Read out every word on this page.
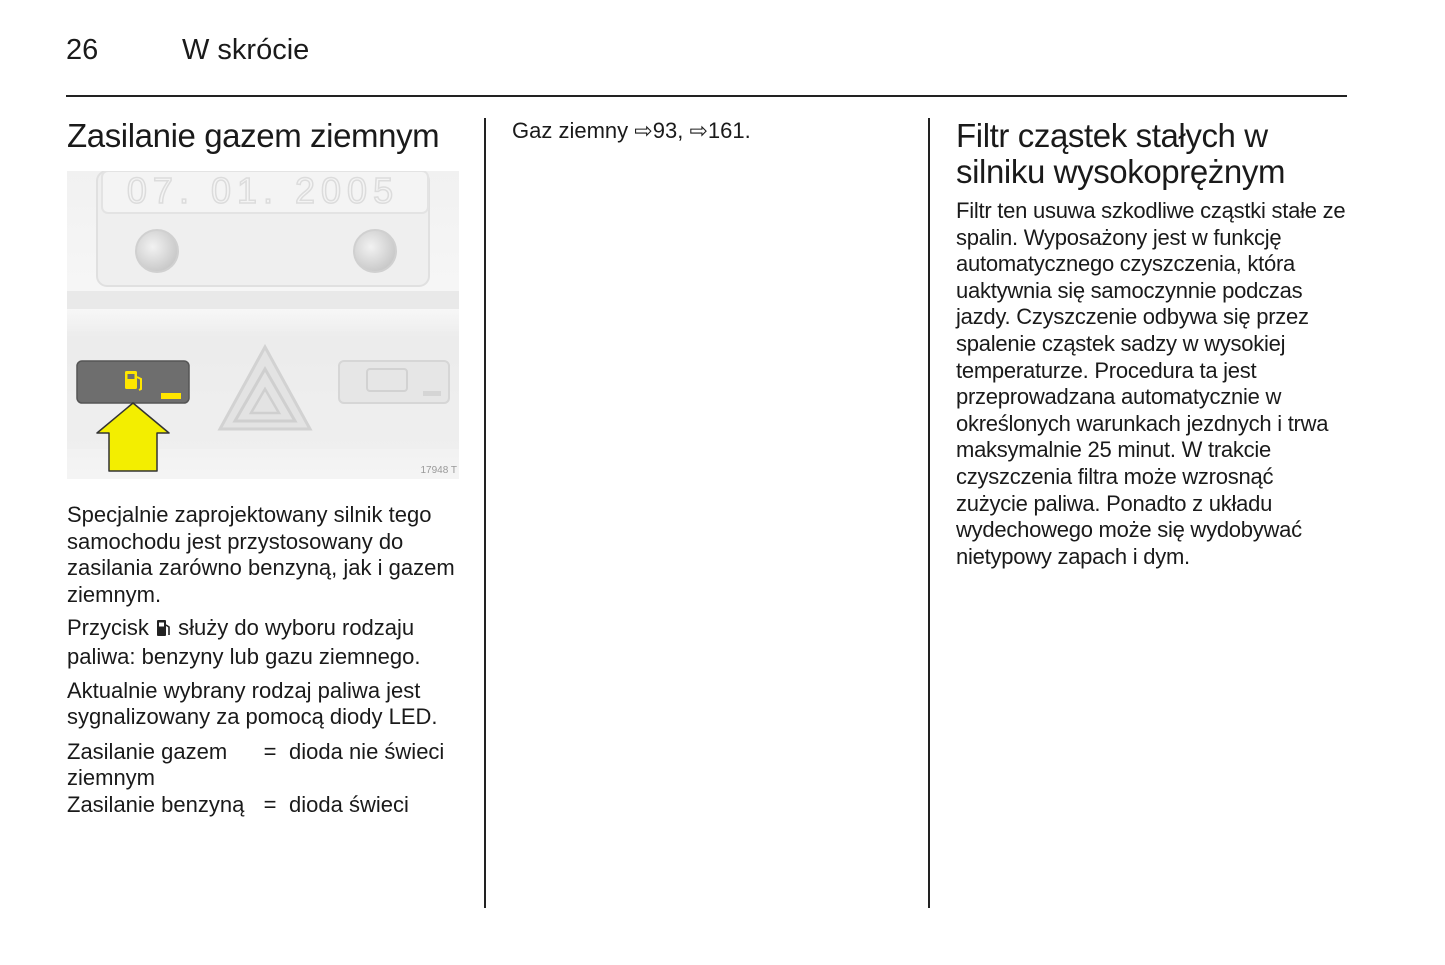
26	W skrócie
Zasilanie gazem ziemnym
07. 01. 2005
17948 T

Specjalnie zaprojektowany silnik tego samochodu jest przystosowany do zasilania zarówno benzyną, jak i gazem ziemnym.

Przycisk służy do wyboru rodzaju paliwa: benzyny lub gazu ziemnego.

Aktualnie wybrany rodzaj paliwa jest sygnalizowany za pomocą diody LED.

Zasilanie gazem ziemnym	=	dioda nie świeci
Zasilanie benzyną	=	dioda świeci

Gaz ziemny ⇨93, ⇨161.	Filtr cząstek stałych w silniku wysokoprężnym

Filtr ten usuwa szkodliwe cząstki stałe ze spalin. Wyposażony jest w funkcję automatycznego czyszczenia, która uaktywnia się samoczynnie podczas jazdy. Czyszczenie odbywa się przez spalenie cząstek sadzy w wysokiej temperaturze. Procedura ta jest przeprowadzana automatycznie w określonych warunkach jezdnych i trwa maksymalnie 25 minut. W trakcie czyszczenia filtra może wzrosnąć zużycie paliwa. Ponadto z układu wydechowego może się wydobywać nietypowy zapach i dym.
